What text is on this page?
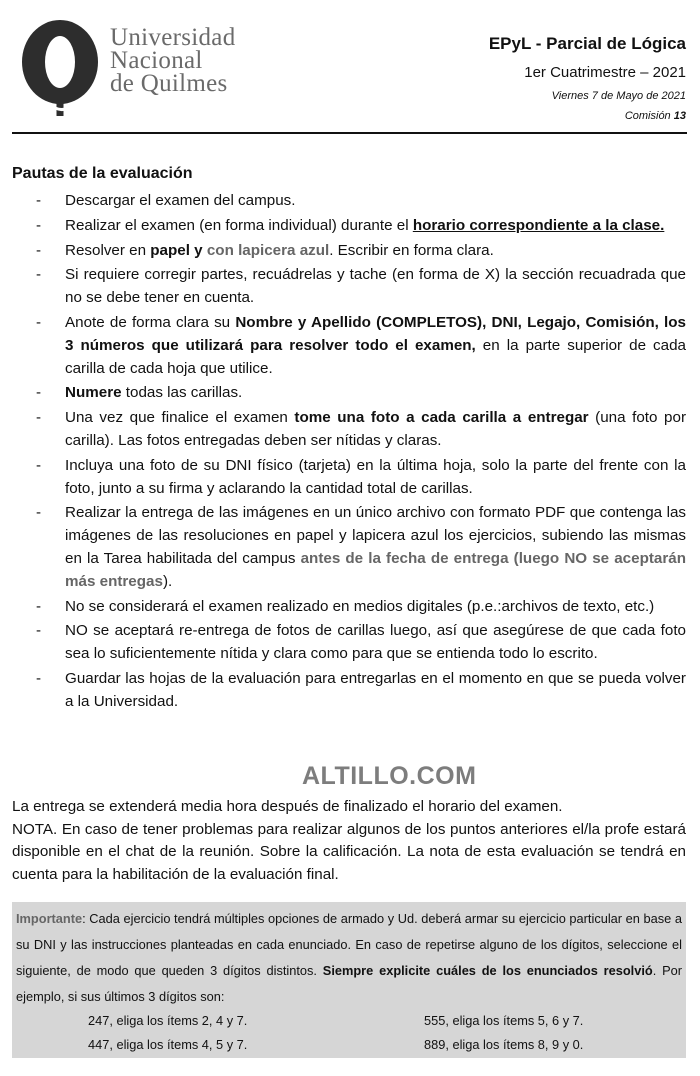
Universidad
Nacional
de Quilmes
EPyL - Parcial de Lógica
1er Cuatrimestre – 2021
Viernes 7 de Mayo de 2021
Comisión 13
Pautas de la evaluación
- Descargar el examen del campus.
- Realizar el examen (en forma individual) durante el horario correspondiente a la clase.
- Resolver en papel y con lapicera azul. Escribir en forma clara.
- Si requiere corregir partes, recuádrelas y tache (en forma de X) la sección recuadrada que no se debe tener en cuenta.
- Anote de forma clara su Nombre y Apellido (COMPLETOS), DNI, Legajo, Comisión, los 3 números que utilizará para resolver todo el examen, en la parte superior de cada carilla de cada hoja que utilice.
- Numere todas las carillas.
- Una vez que finalice el examen tome una foto a cada carilla a entregar (una foto por carilla). Las fotos entregadas deben ser nítidas y claras.
- Incluya una foto de su DNI físico (tarjeta) en la última hoja, solo la parte del frente con la foto, junto a su firma y aclarando la cantidad total de carillas.
- Realizar la entrega de las imágenes en un único archivo con formato PDF que contenga las imágenes de las resoluciones en papel y lapicera azul los ejercicios, subiendo las mismas en la Tarea habilitada del campus antes de la fecha de entrega (luego NO se aceptarán más entregas).
- No se considerará el examen realizado en medios digitales (p.e.:archivos de texto, etc.)
- NO se aceptará re-entrega de fotos de carillas luego, así que asegúrese de que cada foto sea lo suficientemente nítida y clara como para que se entienda todo lo escrito.
- Guardar las hojas de la evaluación para entregarlas en el momento en que se pueda volver a la Universidad.
ALTILLO.COM

La entrega se extenderá media hora después de finalizado el horario del examen.

NOTA. En caso de tener problemas para realizar algunos de los puntos anteriores el/la profe estará disponible en el chat de la reunión. Sobre la calificación. La nota de esta evaluación se tendrá en cuenta para la habilitación de la evaluación final.

Importante: Cada ejercicio tendrá múltiples opciones de armado y Ud. deberá armar su ejercicio particular en base a su DNI y las instrucciones planteadas en cada enunciado. En caso de repetirse alguno de los dígitos, seleccione el siguiente, de modo que queden 3 dígitos distintos. Siempre explicite cuáles de los enunciados resolvió. Por ejemplo, si sus últimos 3 dígitos son:
247, eliga los ítems 2, 4 y 7.	555, eliga los ítems 5, 6 y 7.
447, eliga los ítems 4, 5 y 7.	889, eliga los ítems 8, 9 y 0.
